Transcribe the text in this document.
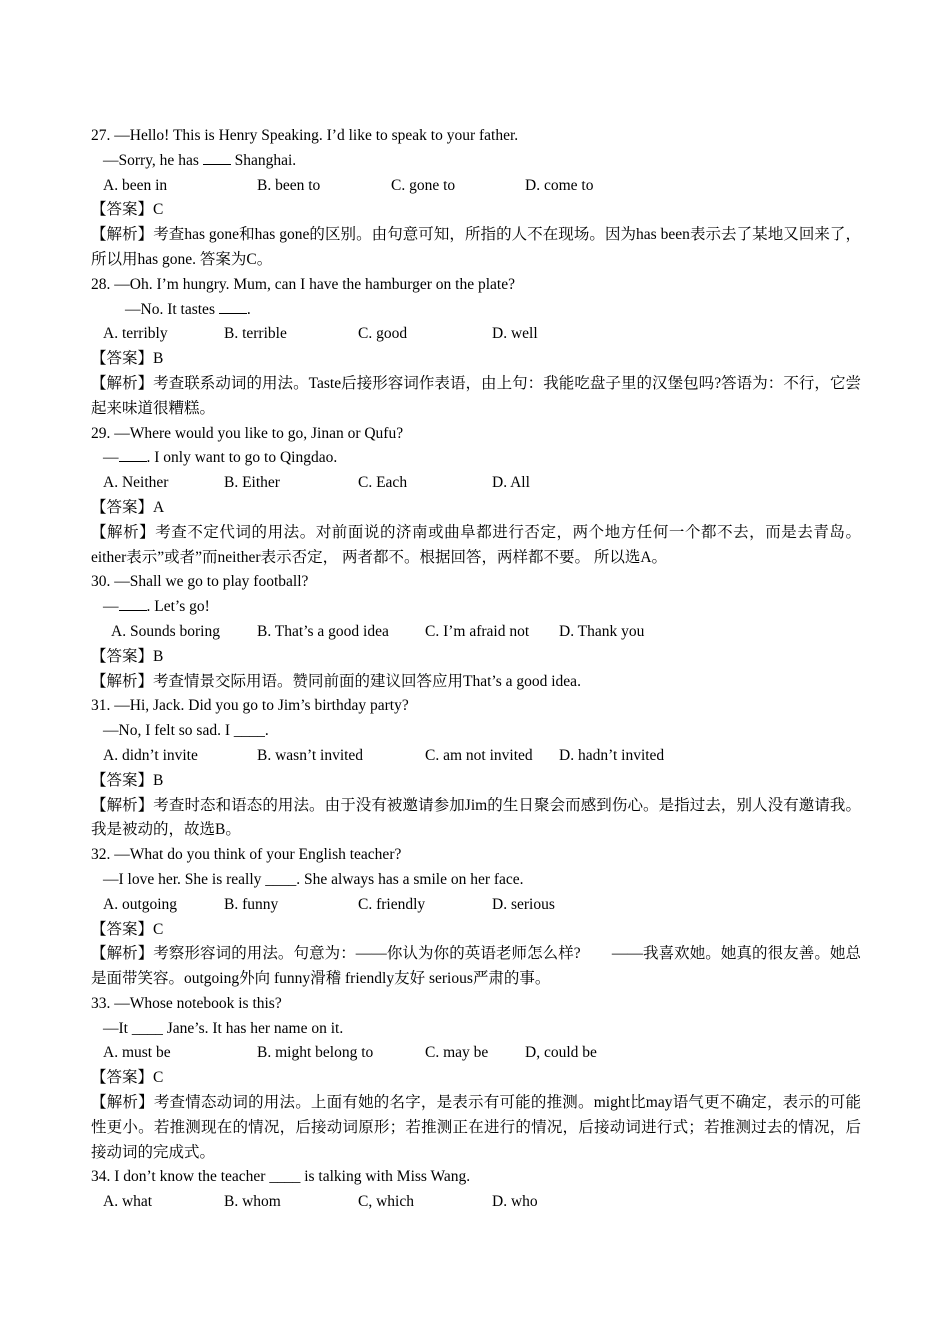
27. —Hello! This is Henry Speaking. I’d like to speak to your father.
—Sorry, he has  Shanghai.
A. been in	B. been to	C. gone to	D. come to
【答案】C
【解析】考查has gone和has gone的区别。由句意可知，所指的人不在现场。因为has been表示去了某地又回来了，所以用has gone. 答案为C。
28. —Oh. I’m hungry. Mum, can I have the hamburger on the plate?
—No. It tastes .
A. terribly	B. terrible	C. good	D. well
【答案】B
【解析】考查联系动词的用法。Taste后接形容词作表语，由上句：我能吃盘子里的汉堡包吗?答语为：不行，它尝起来味道很糟糕。
29. —Where would you like to go, Jinan or Qufu?
— . I only want to go to Qingdao.
A. Neither	B. Either	C. Each	D. All
【答案】A
【解析】考查不定代词的用法。对前面说的济南或曲阜都进行否定，两个地方任何一个都不去，而是去青岛。 either表示”或者”而neither表示否定， 两者都不。根据回答，两样都不要。 所以选A。
30. —Shall we go to play football?
— . Let’s go!
A. Sounds boring B. That’s a good idea C. I’m afraid not D. Thank you
【答案】B
【解析】考查情景交际用语。赞同前面的建议回答应用That’s a good idea.
31. —Hi, Jack. Did you go to Jim’s birthday party?
—No, I felt so sad. I ____.
A. didn’t invite	B. wasn’t invited	C. am not invited D. hadn’t invited
【答案】B
【解析】考查时态和语态的用法。由于没有被邀请参加Jim的生日聚会而感到伤心。是指过去，别人没有邀请我。我是被动的，故选B。
32. —What do you think of your English teacher?
—I love her. She is really ____. She always has a smile on her face.
A. outgoing	B. funny	C. friendly	D. serious
【答案】C
【解析】考察形容词的用法。句意为：——你认为你的英语老师怎么样?　　——我喜欢她。她真的很友善。她总是面带笑容。outgoing外向 funny滑稽 friendly友好 serious严肃的事。
33. —Whose notebook is this?
—It ____ Jane’s. It has her name on it.
A. must be	B. might belong to	C. may be D, could be
【答案】C
【解析】考查情态动词的用法。上面有她的名字，是表示有可能的推测。might比may语气更不确定，表示的可能性更小。若推测现在的情况，后接动词原形；若推测正在进行的情况，后接动词进行式；若推测过去的情况，后接动词的完成式。
34. I don’t know the teacher ____ is talking with Miss Wang.
A. what	B. whom	C, which	D. who
